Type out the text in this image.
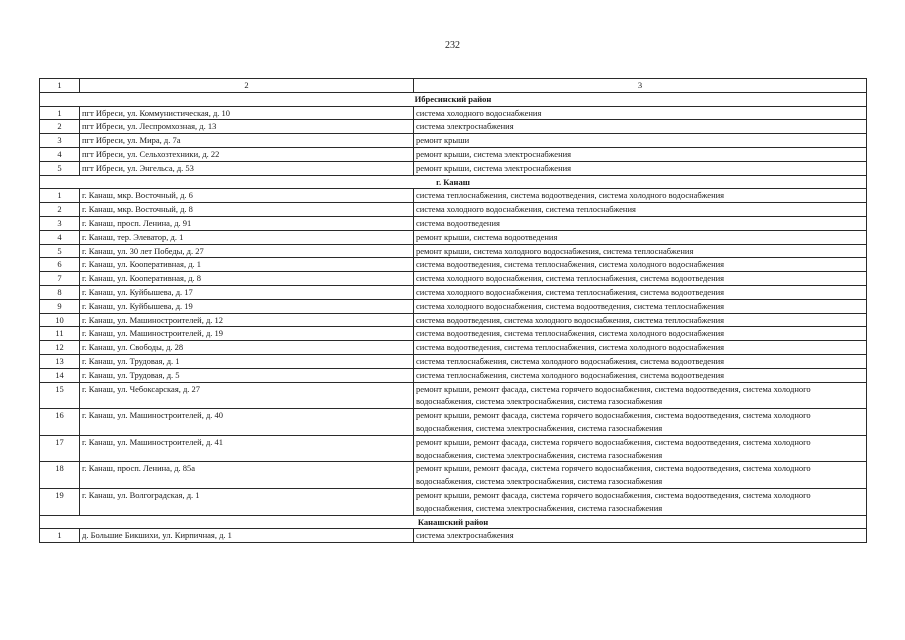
232
1	2	3
Ибресинский район		
1	пгт Ибреси, ул. Коммунистическая, д. 10	система холодного водоснабжения
2	пгт Ибреси, ул. Леспромхозная, д. 13	система электроснабжения
3	пгт Ибреси, ул. Мира, д. 7а	ремонт крыши
4	пгт Ибреси, ул. Сельхозтехники, д. 22	ремонт крыши, система электроснабжения
5	пгт Ибреси, ул. Энгельса, д. 53	ремонт крыши, система электроснабжения
г. Канаш		
1	г. Канаш, мкр. Восточный, д. 6	система теплоснабжения, система водоотведения, система холодного водоснабжения
2	г. Канаш, мкр. Восточный, д. 8	система холодного водоснабжения, система теплоснабжения
3	г. Канаш, просп. Ленина, д. 91	система водоотведения
4	г. Канаш, тер. Элеватор, д. 1	ремонт крыши, система водоотведения
5	г. Канаш, ул. 30 лет Победы, д. 27	ремонт крыши, система холодного водоснабжения, система теплоснабжения
6	г. Канаш, ул. Кооперативная, д. 1	система водоотведения, система теплоснабжения, система холодного водоснабжения
7	г. Канаш, ул. Кооперативная, д. 8	система холодного водоснабжения, система теплоснабжения, система водоотведения
8	г. Канаш, ул. Куйбышева, д. 17	система холодного водоснабжения, система теплоснабжения, система водоотведения
9	г. Канаш, ул. Куйбышева, д. 19	система холодного водоснабжения, система водоотведения, система теплоснабжения
10	г. Канаш, ул. Машиностроителей, д. 12	система водоотведения, система холодного водоснабжения, система теплоснабжения
11	г. Канаш, ул. Машиностроителей, д. 19	система водоотведения, система теплоснабжения, система холодного водоснабжения
12	г. Канаш, ул. Свободы, д. 28	система водоотведения, система теплоснабжения, система холодного водоснабжения
13	г. Канаш, ул. Трудовая, д. 1	система теплоснабжения, система холодного водоснабжения, система водоотведения
14	г. Канаш, ул. Трудовая, д. 5	система теплоснабжения, система холодного водоснабжения, система водоотведения
15	г. Канаш, ул. Чебоксарская, д. 27	ремонт крыши, ремонт фасада, система горячего водоснабжения, система водоотведения, система холодного водоснабжения, система электроснабжения, система газоснабжения
16	г. Канаш, ул. Машиностроителей, д. 40	ремонт крыши, ремонт фасада, система горячего водоснабжения, система водоотведения, система холодного водоснабжения, система электроснабжения, система газоснабжения
17	г. Канаш, ул. Машиностроителей, д. 41	ремонт крыши, ремонт фасада, система горячего водоснабжения, система водоотведения, система холодного водоснабжения, система электроснабжения, система газоснабжения
18	г. Канаш, просп. Ленина, д. 85а	ремонт крыши, ремонт фасада, система горячего водоснабжения, система водоотведения, система холодного водоснабжения, система электроснабжения, система газоснабжения
19	г. Канаш, ул. Волгоградская, д. 1	ремонт крыши, ремонт фасада, система горячего водоснабжения, система водоотведения, система холодного водоснабжения, система электроснабжения, система газоснабжения
Канашский район		
1	д. Большие Бикшихи, ул. Кирпичная, д. 1	система электроснабжения
